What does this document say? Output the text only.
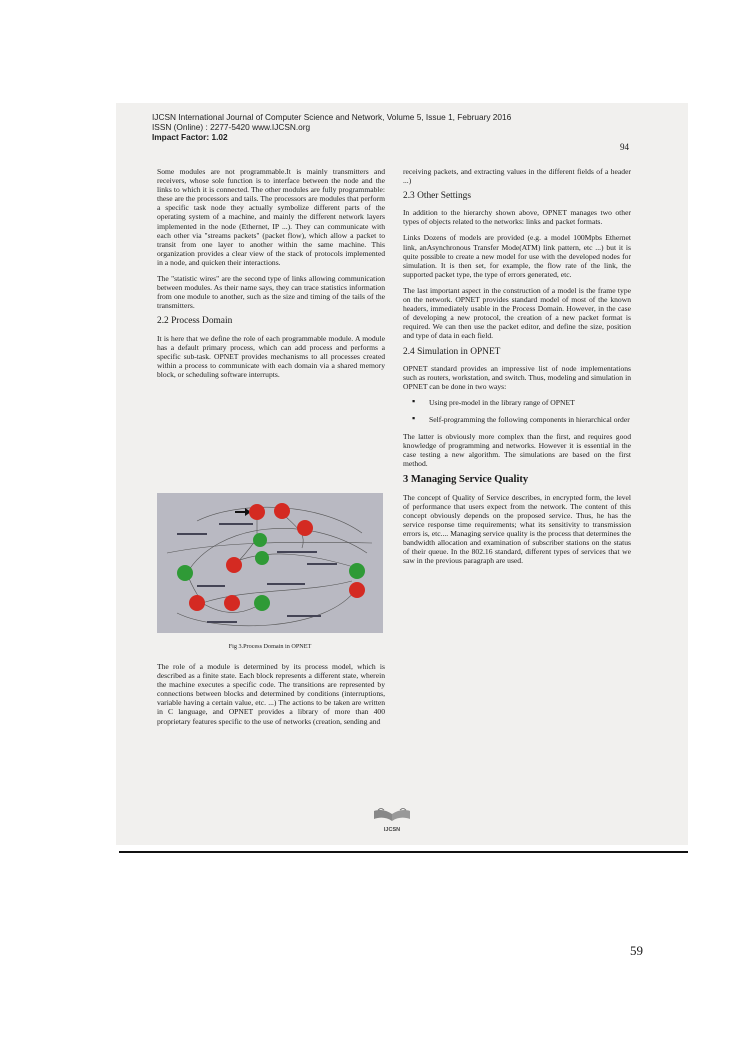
IJCSN International Journal of Computer Science and Network, Volume 5, Issue 1, February 2016
ISSN (Online) : 2277-5420 www.IJCSN.org
Impact Factor: 1.02
94

Some modules are not programmable.It is mainly transmitters and receivers, whose sole function is to interface between the node and the links to which it is connected. The other modules are fully programmable: these are the processors and tails. The processors are modules that perform a specific task node they actually symbolize different parts of the operating system of a machine, and mainly the different network layers implemented in the node (Ethernet, IP ...). They can communicate with each other via "streams packets" (packet flow), which allow a packet to transit from one layer to another within the same machine. This organization provides a clear view of the stack of protocols implemented in a node, and quicken their interactions.

The "statistic wires" are the second type of links allowing communication between modules. As their name says, they can trace statistics information from one module to another, such as the size and timing of the tails of the transmitters.

2.2 Process Domain

It is here that we define the role of each programmable module. A module has a default primary process, which can add process and performs a specific sub-task. OPNET provides mechanisms to all processes created within a process to communicate with each domain via a shared memory block, or scheduling software interrupts.

Fig 3.Process Domain in OPNET

The role of a module is determined by its process model, which is described as a finite state. Each block represents a different state, wherein the machine executes a specific code. The transitions are represented by connections between blocks and determined by conditions (interruptions, variable having a certain value, etc. ...) The actions to be taken are written in C language, and OPNET provides a library of more than 400 proprietary features specific to the use of networks (creation, sending and

receiving packets, and extracting values in the different fields of a header ...)

2.3 Other Settings

In addition to the hierarchy shown above, OPNET manages two other types of objects related to the networks: links and packet formats.

Links Dozens of models are provided (e.g. a model 100Mpbs Ethernet link, anAsynchronous Transfer Mode(ATM) link pattern, etc ...) but it is quite possible to create a new model for use with the developed nodes for simulation. It is then set, for example, the flow rate of the link, the supported packet type, the type of errors generated, etc.

The last important aspect in the construction of a model is the frame type on the network. OPNET provides standard model of most of the known headers, immediately usable in the Process Domain. However, in the case of developing a new protocol, the creation of a new packet format is required. We can then use the packet editor, and define the size, position and type of data in each field.

2.4 Simulation in OPNET

OPNET standard provides an impressive list of node implementations such as routers, workstation, and switch. Thus, modeling and simulation in OPNET can be done in two ways:

▪ Using pre-model in the library range of OPNET
▪ Self-programming the following components in hierarchical order

The latter is obviously more complex than the first, and requires good knowledge of programming and networks. However it is essential in the case testing a new algorithm. The simulations are based on the first method.

3 Managing Service Quality

The concept of Quality of Service describes, in encrypted form, the level of performance that users expect from the network. The content of this concept obviously depends on the proposed service. Thus, he has the service response time requirements; what its sensitivity to transmission errors is, etc.... Managing service quality is the process that determines the bandwidth allocation and examination of subscriber stations on the status of their queue. In the 802.16 standard, different types of services that we saw in the previous paragraph are used.

IJCSN
59
